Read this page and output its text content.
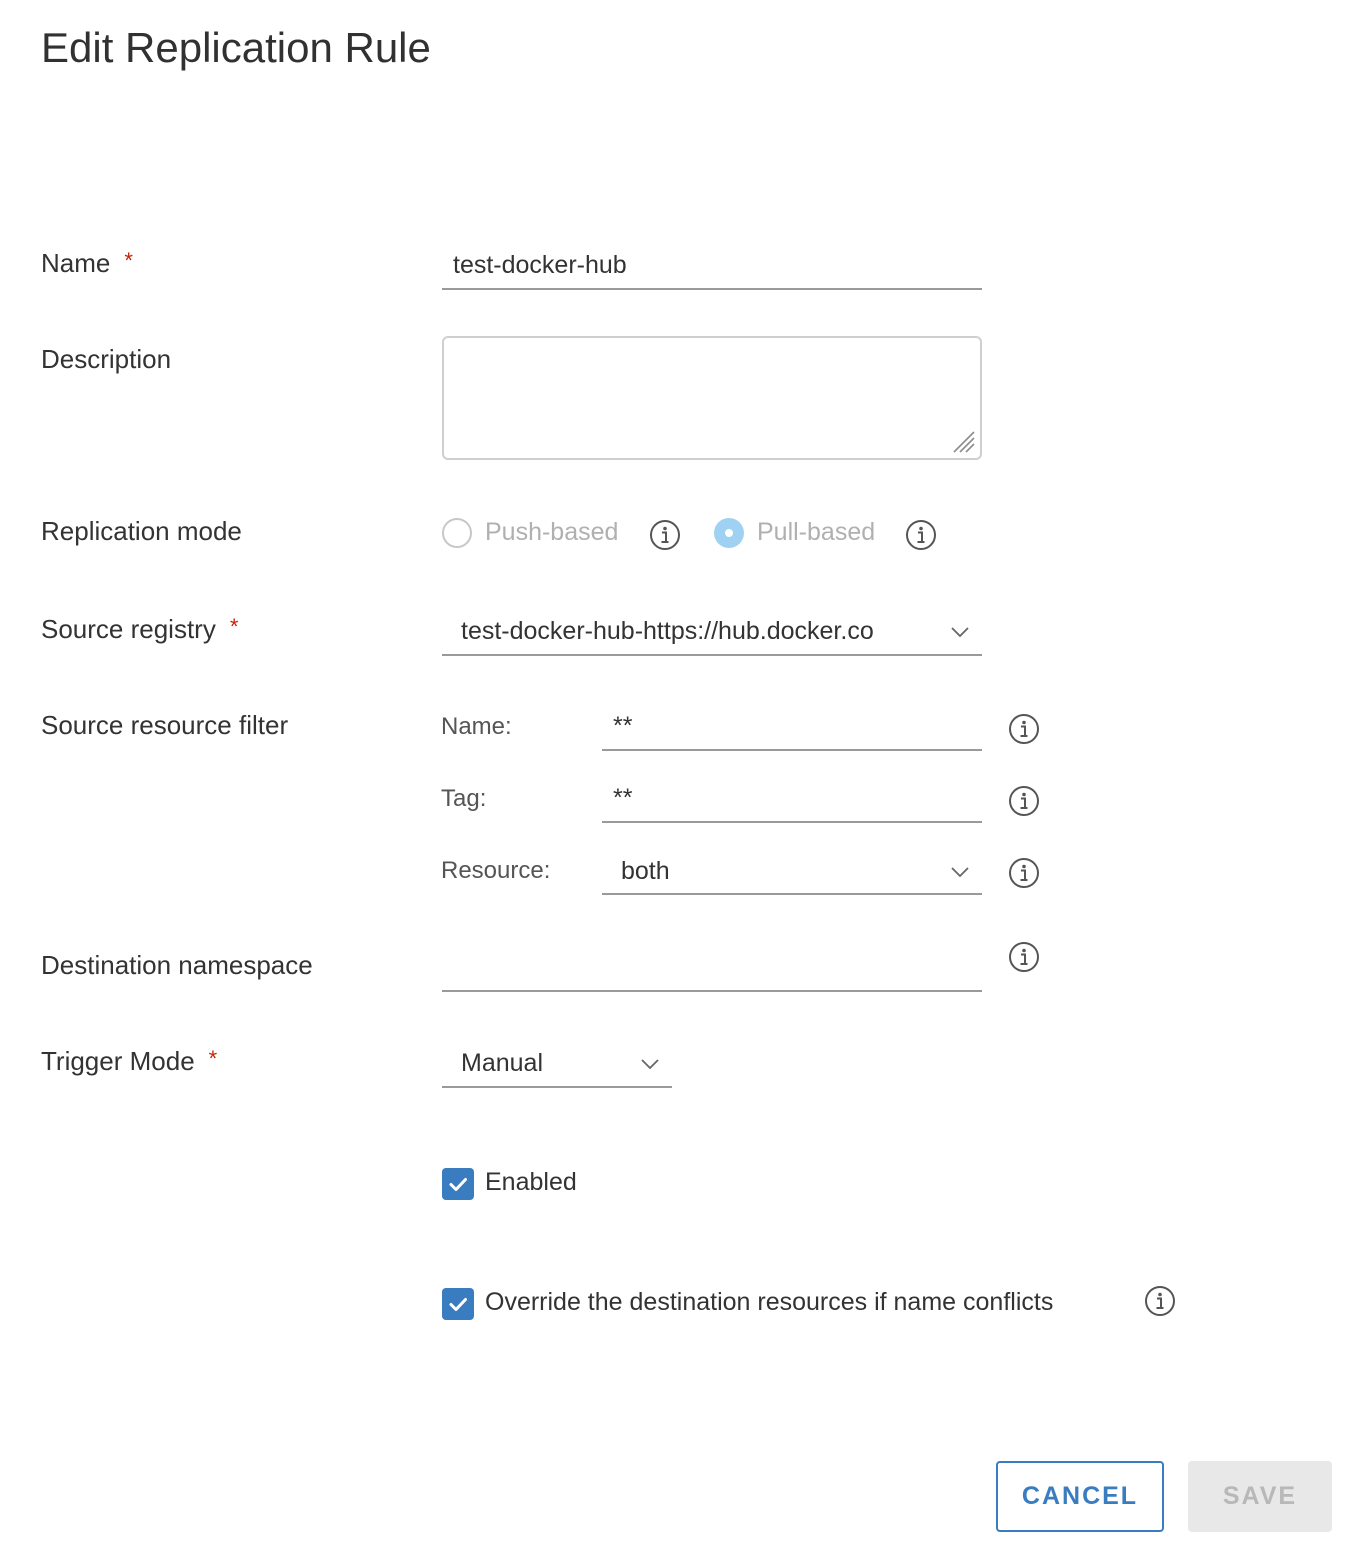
Edit Replication Rule
Name *	test-docker-hub
Description
Replication mode	Push-based	Pull-based
Source registry *	test-docker-hub-https://hub.docker.co
Source resource filter	Name:	**
Tag:	**
Resource:	both
Destination namespace
Trigger Mode *	Manual
Enabled
Override the destination resources if name conflicts
CANCEL	SAVE
